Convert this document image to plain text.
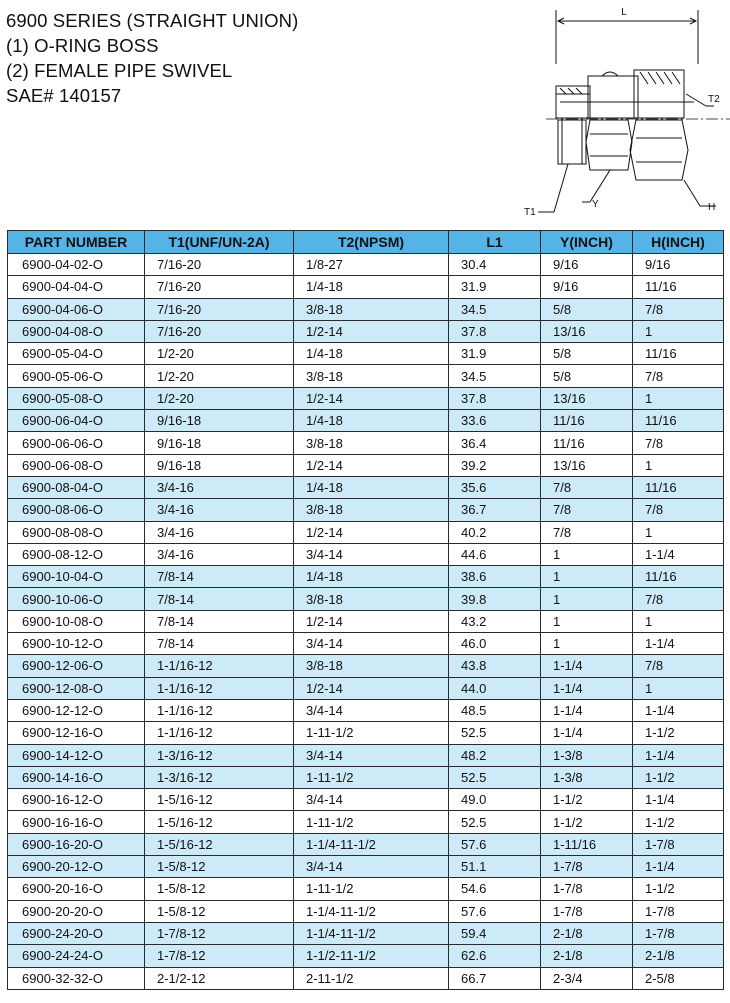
6900 SERIES (STRAIGHT UNION)
(1) O-RING BOSS
(2) FEMALE PIPE SWIVEL
SAE# 140157
L
T2
T1
Y	H
PART NUMBER	T1(UNF/UN-2A)	T2(NPSM)	L1	Y(INCH)	H(INCH)
6900-04-02-O	7/16-20	1/8-27	30.4	9/16	9/16
6900-04-04-O	7/16-20	1/4-18	31.9	9/16	11/16
6900-04-06-O	7/16-20	3/8-18	34.5	5/8	7/8
6900-04-08-O	7/16-20	1/2-14	37.8	13/16	1
6900-05-04-O	1/2-20	1/4-18	31.9	5/8	11/16
6900-05-06-O	1/2-20	3/8-18	34.5	5/8	7/8
6900-05-08-O	1/2-20	1/2-14	37.8	13/16	1
6900-06-04-O	9/16-18	1/4-18	33.6	11/16	11/16
6900-06-06-O	9/16-18	3/8-18	36.4	11/16	7/8
6900-06-08-O	9/16-18	1/2-14	39.2	13/16	1
6900-08-04-O	3/4-16	1/4-18	35.6	7/8	11/16
6900-08-06-O	3/4-16	3/8-18	36.7	7/8	7/8
6900-08-08-O	3/4-16	1/2-14	40.2	7/8	1
6900-08-12-O	3/4-16	3/4-14	44.6	1	1-1/4
6900-10-04-O	7/8-14	1/4-18	38.6	1	11/16
6900-10-06-O	7/8-14	3/8-18	39.8	1	7/8
6900-10-08-O	7/8-14	1/2-14	43.2	1	1
6900-10-12-O	7/8-14	3/4-14	46.0	1	1-1/4
6900-12-06-O	1-1/16-12	3/8-18	43.8	1-1/4	7/8
6900-12-08-O	1-1/16-12	1/2-14	44.0	1-1/4	1
6900-12-12-O	1-1/16-12	3/4-14	48.5	1-1/4	1-1/4
6900-12-16-O	1-1/16-12	1-11-1/2	52.5	1-1/4	1-1/2
6900-14-12-O	1-3/16-12	3/4-14	48.2	1-3/8	1-1/4
6900-14-16-O	1-3/16-12	1-11-1/2	52.5	1-3/8	1-1/2
6900-16-12-O	1-5/16-12	3/4-14	49.0	1-1/2	1-1/4
6900-16-16-O	1-5/16-12	1-11-1/2	52.5	1-1/2	1-1/2
6900-16-20-O	1-5/16-12	1-1/4-11-1/2	57.6	1-11/16	1-7/8
6900-20-12-O	1-5/8-12	3/4-14	51.1	1-7/8	1-1/4
6900-20-16-O	1-5/8-12	1-11-1/2	54.6	1-7/8	1-1/2
6900-20-20-O	1-5/8-12	1-1/4-11-1/2	57.6	1-7/8	1-7/8
6900-24-20-O	1-7/8-12	1-1/4-11-1/2	59.4	2-1/8	1-7/8
6900-24-24-O	1-7/8-12	1-1/2-11-1/2	62.6	2-1/8	2-1/8
6900-32-32-O	2-1/2-12	2-11-1/2	66.7	2-3/4	2-5/8
